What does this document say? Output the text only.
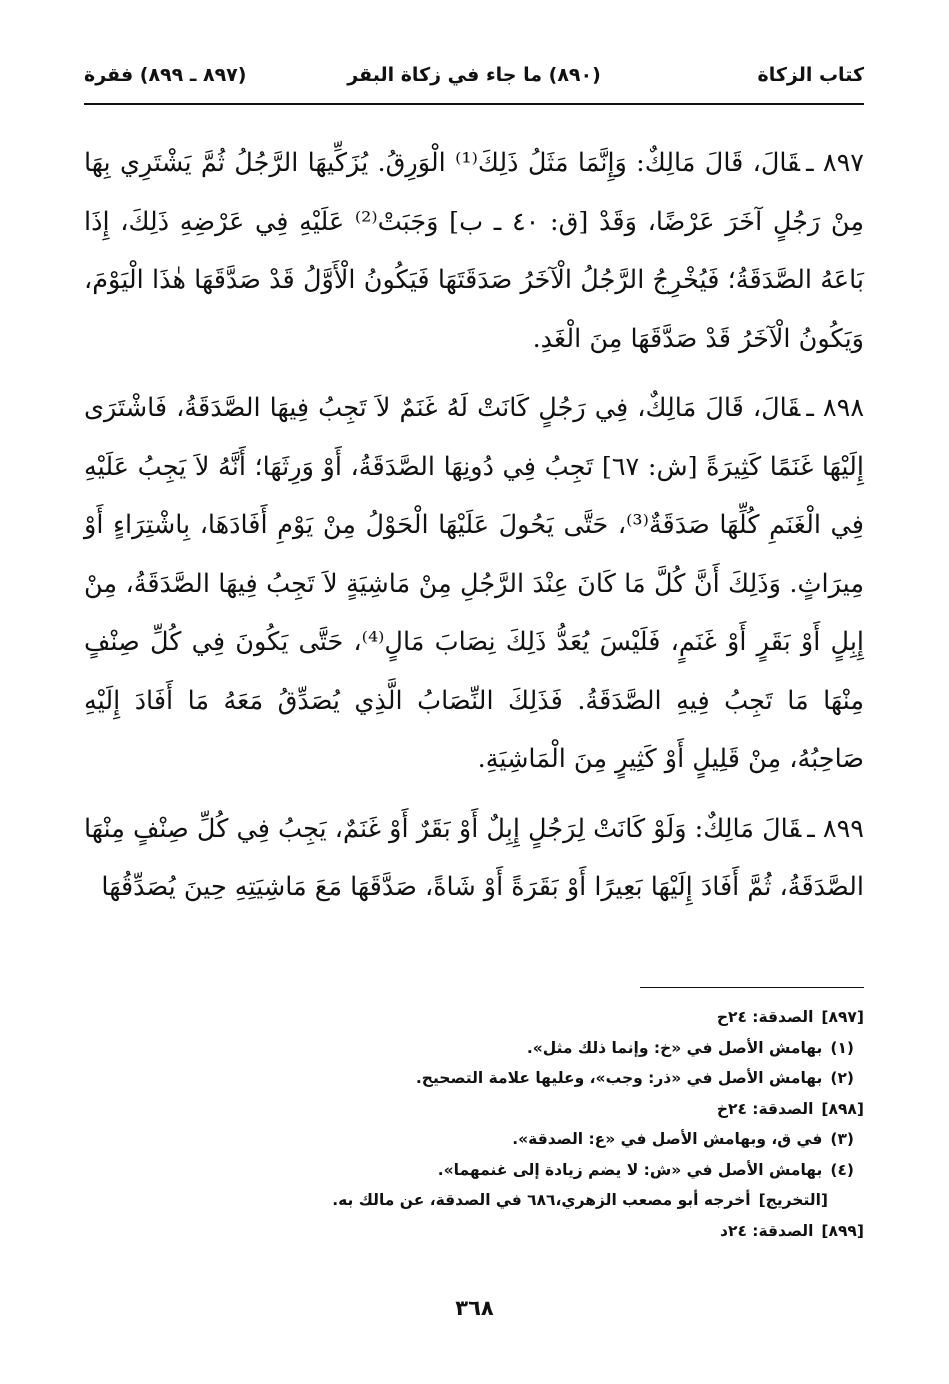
كتاب الزكاة
(٨٩٠) ما جاء في زكاة البقر
(٨٩٧ ـ ٨٩٩) فقرة

٨٩٧ ـقَالَ، قَالَ مَالِكٌ: وَإِنَّمَا مَثَلُ ذَلِكَ⁽¹⁾ الْوَرِقُ. يُزَكِّيهَا الرَّجُلُ ثُمَّ يَشْتَرِي بِهَا مِنْ رَجُلٍ آخَرَ عَرْضًا، وَقَدْ [ق: ٤٠ ـ ب] وَجَبَتْ⁽²⁾ عَلَيْهِ فِي عَرْضِهِ ذَلِكَ، إِذَا بَاعَهُ الصَّدَقَةُ؛ فَيُخْرِجُ الرَّجُلُ الْآخَرُ صَدَقَتَهَا فَيَكُونُ الْأَوَّلُ قَدْ صَدَّقَهَا هٰذَا الْيَوْمَ، وَيَكُونُ الْآخَرُ قَدْ صَدَّقَهَا مِنَ الْغَدِ.

٨٩٨ ـقَالَ، قَالَ مَالِكٌ، فِي رَجُلٍ كَانَتْ لَهُ غَنَمٌ لاَ تَجِبُ فِيهَا الصَّدَقَةُ، فَاشْتَرَى إِلَيْهَا غَنَمًا كَثِيرَةً [ش: ٦٧] تَجِبُ فِي دُونِهَا الصَّدَقَةُ، أَوْ وَرِثَهَا؛ أَنَّهُ لاَ يَجِبُ عَلَيْهِ فِي الْغَنَمِ كُلِّهَا صَدَقَةٌ⁽³⁾، حَتَّى يَحُولَ عَلَيْهَا الْحَوْلُ مِنْ يَوْمِ أَفَادَهَا، بِاشْتِرَاءٍ أَوْ مِيرَاثٍ. وَذَلِكَ أَنَّ كُلَّ مَا كَانَ عِنْدَ الرَّجُلِ مِنْ مَاشِيَةٍ لاَ تَجِبُ فِيهَا الصَّدَقَةُ، مِنْ إِبِلٍ أَوْ بَقَرٍ أَوْ غَنَمٍ، فَلَيْسَ يُعَدُّ ذَلِكَ نِصَابَ مَالٍ⁽⁴⁾، حَتَّى يَكُونَ فِي كُلِّ صِنْفٍ مِنْهَا مَا تَجِبُ فِيهِ الصَّدَقَةُ. فَذَلِكَ النِّصَابُ الَّذِي يُصَدِّقُ مَعَهُ مَا أَفَادَ إِلَيْهِ صَاحِبُهُ، مِنْ قَلِيلٍ أَوْ كَثِيرٍ مِنَ الْمَاشِيَةِ.

٨٩٩ ـقَالَ مَالِكٌ: وَلَوْ كَانَتْ لِرَجُلٍ إِبِلٌ أَوْ بَقَرٌ أَوْ غَنَمٌ، يَجِبُ فِي كُلِّ صِنْفٍ مِنْهَا الصَّدَقَةُ، ثُمَّ أَفَادَ إِلَيْهَا بَعِيرًا أَوْ بَقَرَةً أَوْ شَاةً، صَدَّقَهَا مَعَ مَاشِيَتِهِ حِينَ يُصَدِّقُهَا

[٨٩٧]الصدقة: ٢٤ح
(١)بهامش الأصل في «خ: وإنما ذلك مثل».
(٢)بهامش الأصل في «ذر: وجب»، وعليها علامة التصحيح.
[٨٩٨]الصدقة: ٢٤خ
(٣)في ق، وبهامش الأصل في «ع: الصدقة».
(٤)بهامش الأصل في «ش: لا يضم زيادة إلى غنمهما».
[التخريج]أخرجه أبو مصعب الزهري،٦٨٦ في الصدقة، عن مالك به.
[٨٩٩]الصدقة: ٢٤د
٣٦٨
